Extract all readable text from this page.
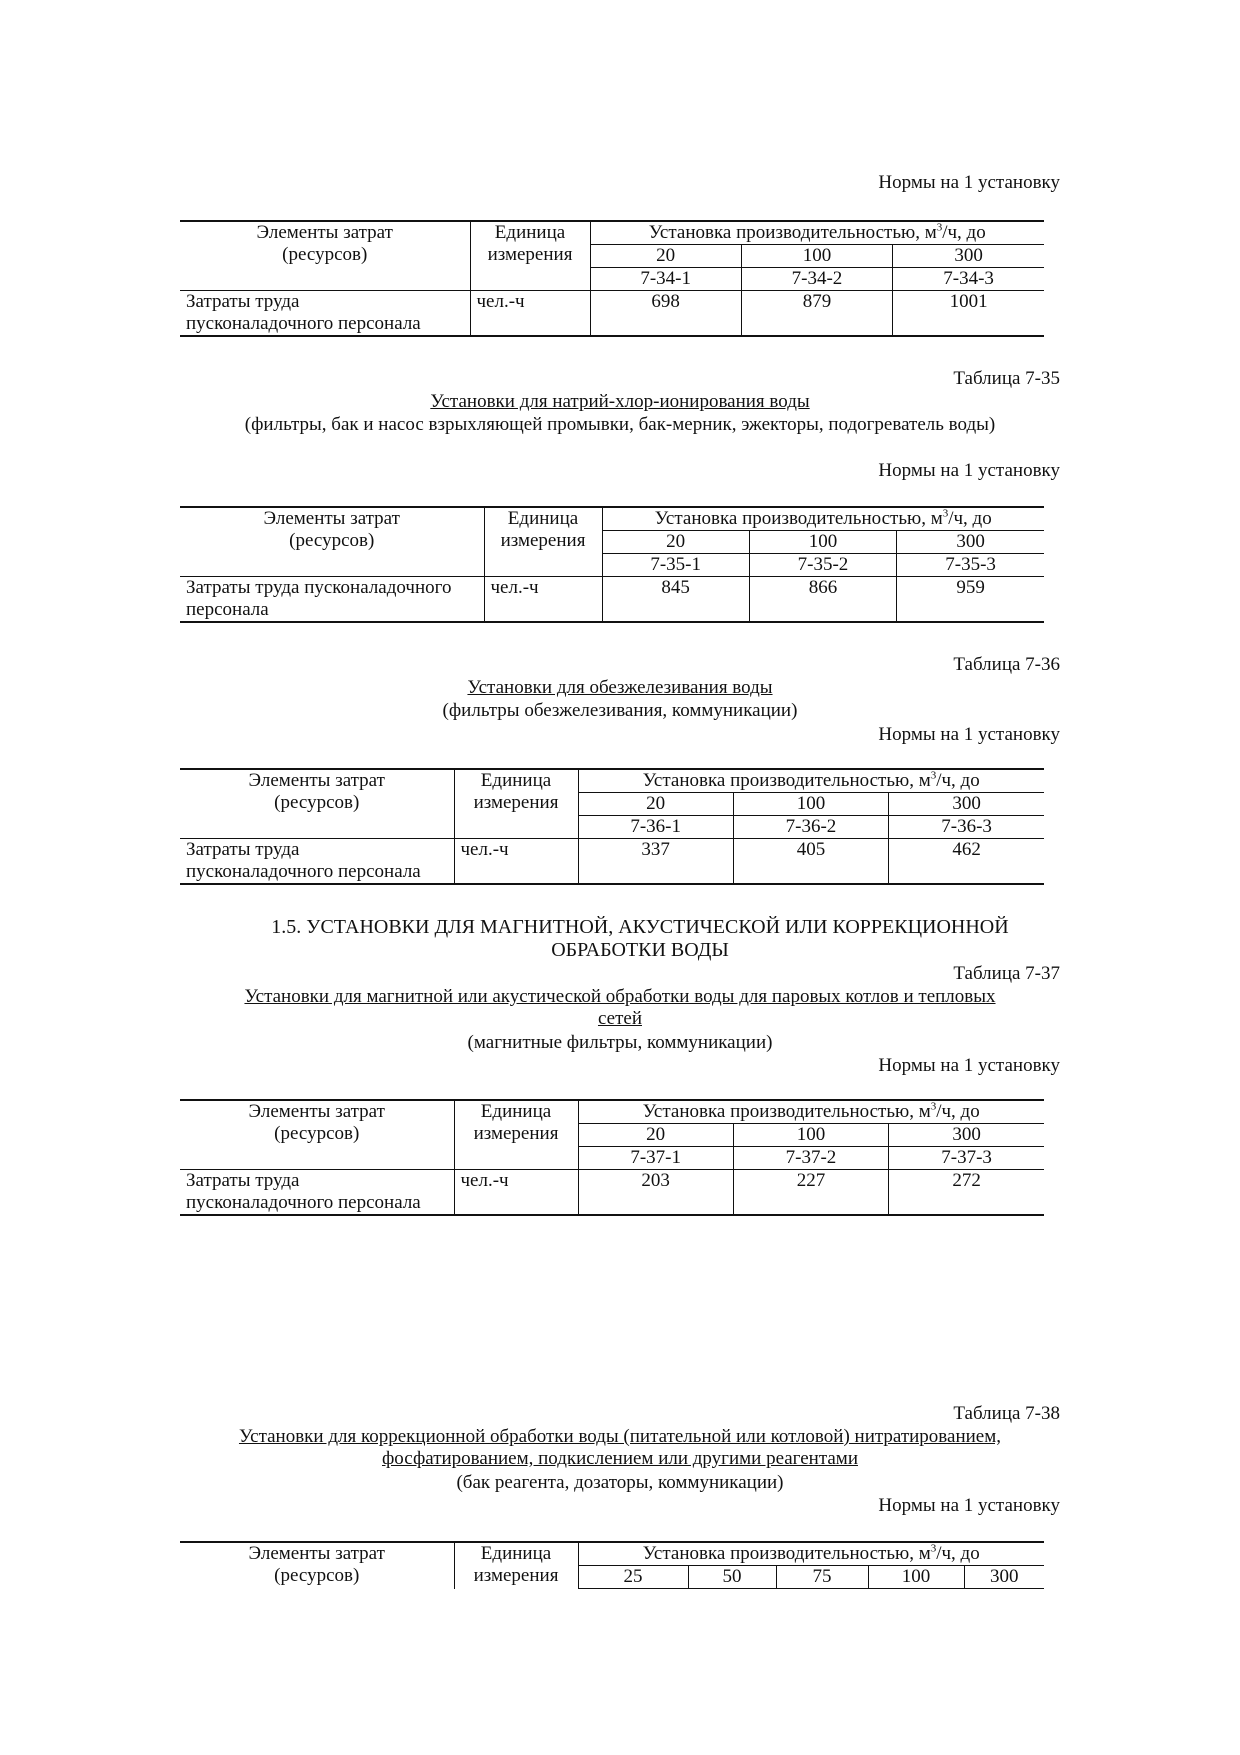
Нормы на 1 установку
Элементы затрат
(ресурсов)	Единица
измерения	Установка производительностью, $м^3/ч$, до		
		20	100	300
		7-34-1	7-34-2	7-34-3
Затраты труда
пусконаладочного персонала	чел.-ч	698	879	1001
Таблица 7-35
Установки для натрий-хлор-ионирования воды
(фильтры, бак и насос взрыхляющей промывки, бак-мерник, эжекторы, подогреватель воды)
Нормы на 1 установку
Элементы затрат
(ресурсов)	Единица
измерения	Установка производительностью, $м^3/ч$, до		
		20	100	300
		7-35-1	7-35-2	7-35-3
Затраты труда пусконаладочного
персонала	чел.-ч	845	866	959
Таблица 7-36
Установки для обезжелезивания воды
(фильтры обезжелезивания, коммуникации)
Нормы на 1 установку
Элементы затрат
(ресурсов)	Единица
измерения	Установка производительностью, $м^3/ч$, до		
		20	100	300
		7-36-1	7-36-2	7-36-3
Затраты труда
пусконаладочного персонала	чел.-ч	337	405	462
1.5. УСТАНОВКИ ДЛЯ МАГНИТНОЙ, АКУСТИЧЕСКОЙ ИЛИ КОРРЕКЦИОННОЙ
ОБРАБОТКИ ВОДЫ
Таблица 7-37
Установки для магнитной или акустической обработки воды для паровых котлов и тепловых
сетей
(магнитные фильтры, коммуникации)
Нормы на 1 установку
Элементы затрат
(ресурсов)	Единица
измерения	Установка производительностью, $м^3/ч$, до		
		20	100	300
		7-37-1	7-37-2	7-37-3
Затраты труда
пусконаладочного персонала	чел.-ч	203	227	272
Таблица 7-38
Установки для коррекционной обработки воды (питательной или котловой) нитратированием,
фосфатированием, подкислением или другими реагентами
(бак реагента, дозаторы, коммуникации)
Нормы на 1 установку
Элементы затрат
(ресурсов)	Единица
измерения	Установка производительностью, $м^3/ч$, до				
		25	50	75	100	300
